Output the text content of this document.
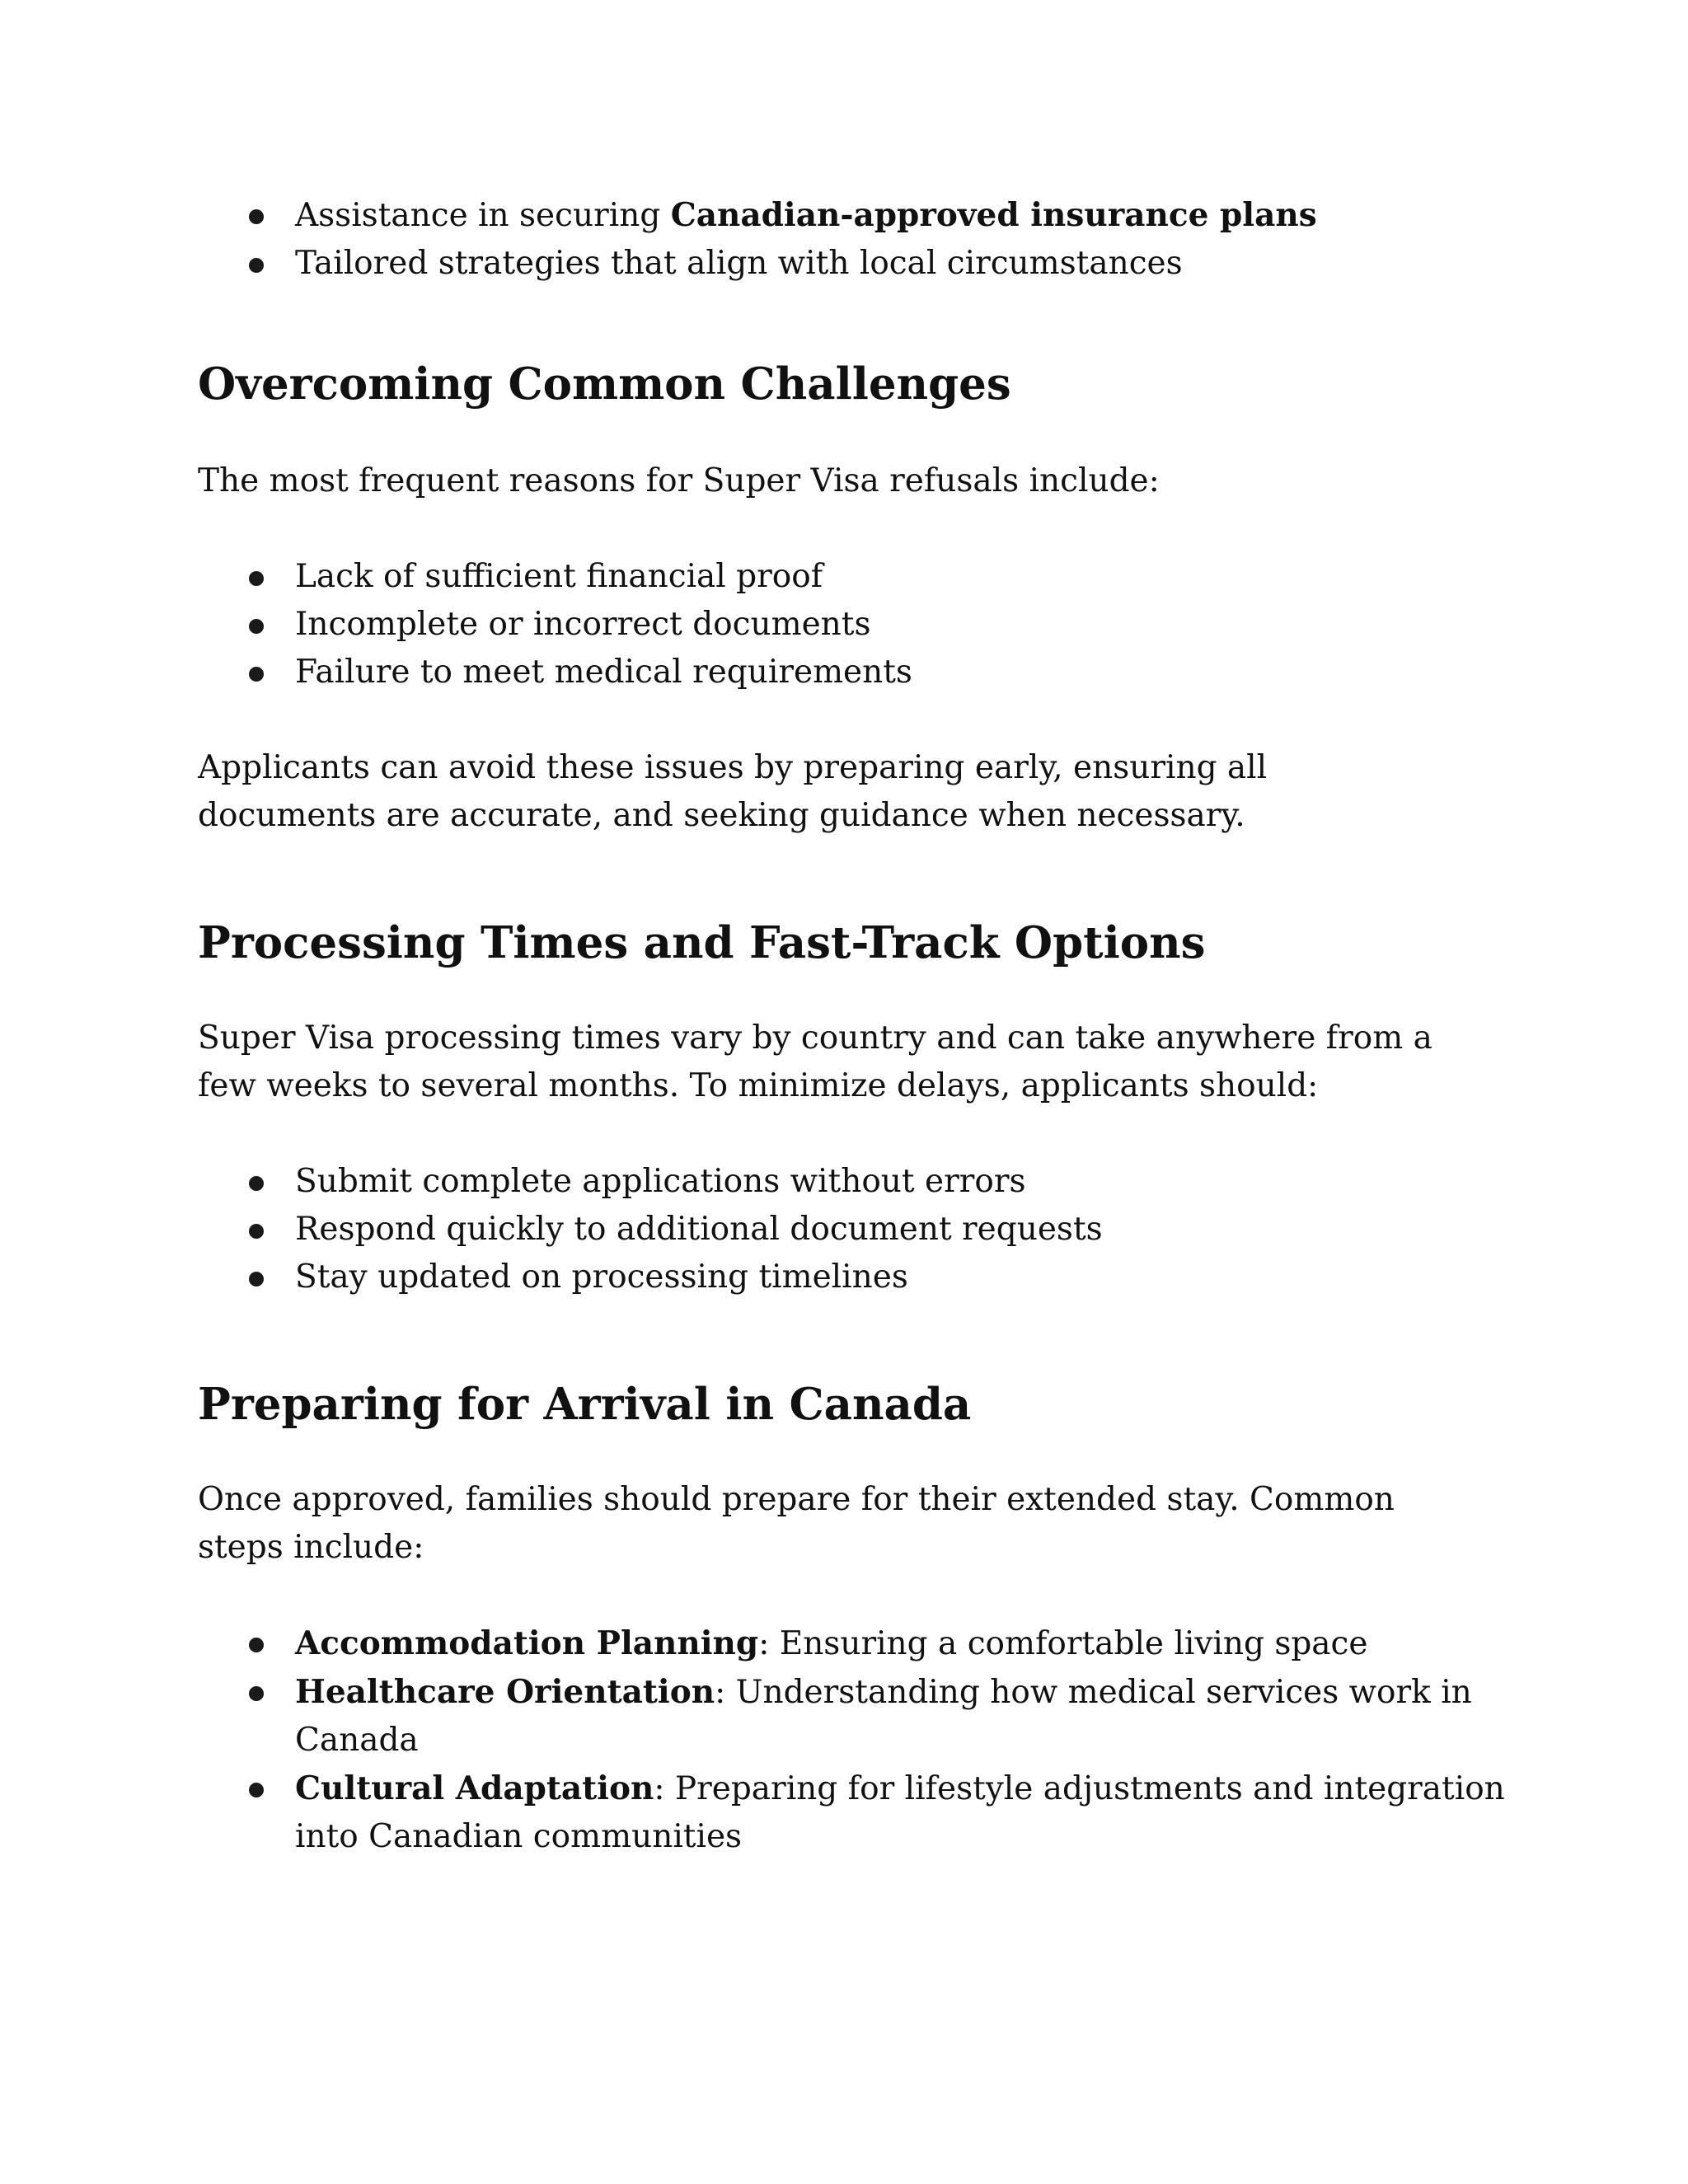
Assistance in securing Canadian-approved insurance plans
Tailored strategies that align with local circumstances
Overcoming Common Challenges

The most frequent reasons for Super Visa refusals include:

Lack of sufficient financial proof
Incomplete or incorrect documents
Failure to meet medical requirements

Applicants can avoid these issues by preparing early, ensuring all documents are accurate, and seeking guidance when necessary.

Processing Times and Fast-Track Options

Super Visa processing times vary by country and can take anywhere from a few weeks to several months. To minimize delays, applicants should:

Submit complete applications without errors
Respond quickly to additional document requests
Stay updated on processing timelines
Preparing for Arrival in Canada

Once approved, families should prepare for their extended stay. Common steps include:

Accommodation Planning: Ensuring a comfortable living space
Healthcare Orientation: Understanding how medical services work in Canada
Cultural Adaptation: Preparing for lifestyle adjustments and integration into Canadian communities
